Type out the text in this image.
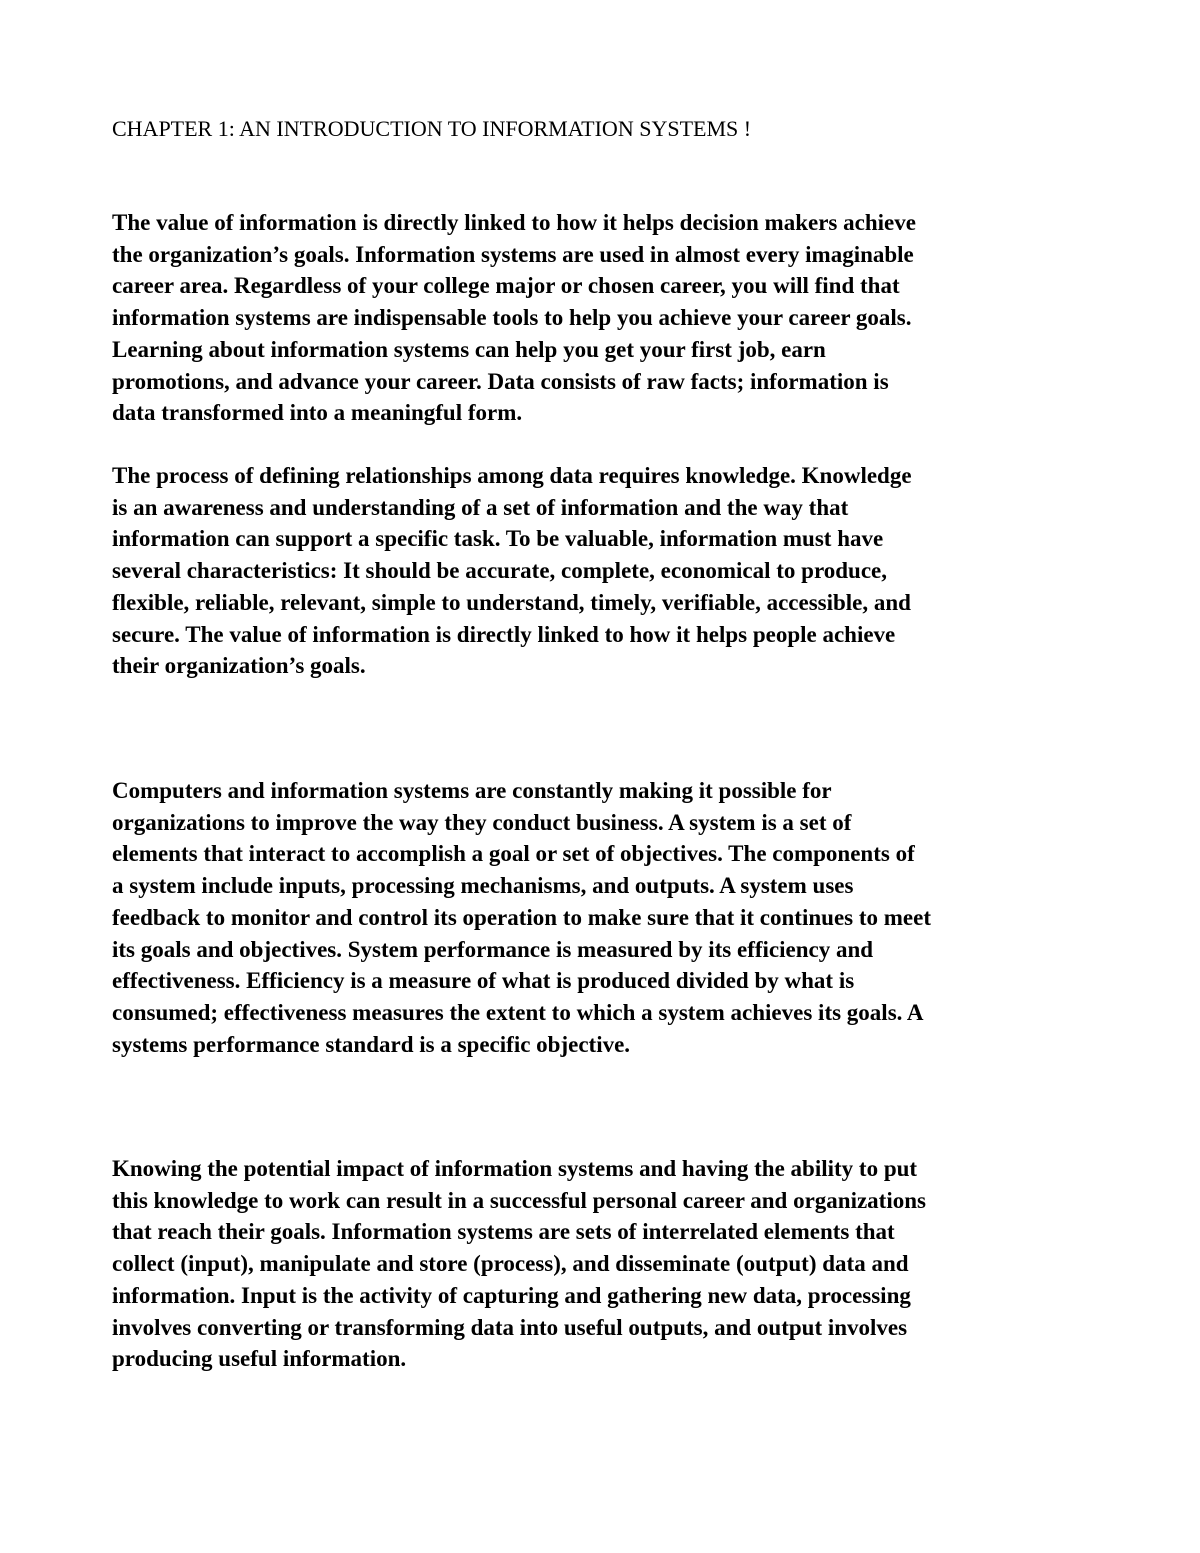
CHAPTER 1: AN INTRODUCTION TO INFORMATION SYSTEMS !

The value of information is directly linked to how it helps decision makers achieve
the organization’s goals. Information systems are used in almost every imaginable
career area. Regardless of your college major or chosen career, you will find that
information systems are indispensable tools to help you achieve your career goals.
Learning about information systems can help you get your first job, earn
promotions, and advance your career. Data consists of raw facts; information is
data transformed into a meaningful form.

The process of defining relationships among data requires knowledge. Knowledge
is an awareness and understanding of a set of information and the way that
information can support a specific task. To be valuable, information must have
several characteristics: It should be accurate, complete, economical to produce,
flexible, reliable, relevant, simple to understand, timely, verifiable, accessible, and
secure. The value of information is directly linked to how it helps people achieve
their organization’s goals.

Computers and information systems are constantly making it possible for
organizations to improve the way they conduct business. A system is a set of
elements that interact to accomplish a goal or set of objectives. The components of
a system include inputs, processing mechanisms, and outputs. A system uses
feedback to monitor and control its operation to make sure that it continues to meet
its goals and objectives. System performance is measured by its efficiency and
effectiveness. Efficiency is a measure of what is produced divided by what is
consumed; effectiveness measures the extent to which a system achieves its goals. A
systems performance standard is a specific objective.

Knowing the potential impact of information systems and having the ability to put
this knowledge to work can result in a successful personal career and organizations
that reach their goals. Information systems are sets of interrelated elements that
collect (input), manipulate and store (process), and disseminate (output) data and
information. Input is the activity of capturing and gathering new data, processing
involves converting or transforming data into useful outputs, and output involves
producing useful information.
